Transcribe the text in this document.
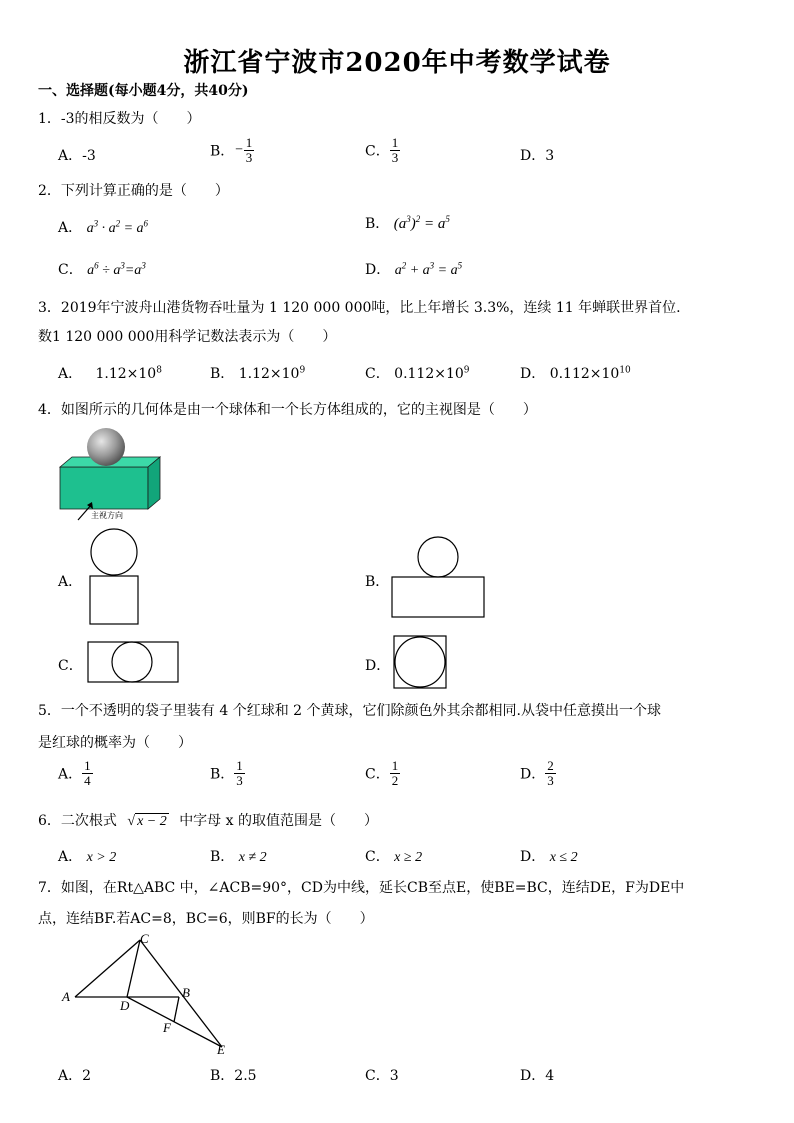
浙江省宁波市2020年中考数学试卷
一、选择题(每小题4分，共40分)
1．-3的相反数为（　　）
A．-3	B．− $\frac{1}{3}$	C． $\frac{1}{3}$	D．3
2．下列计算正确的是（　　）
A． $a^3 \cdot a^2 = a^6$	B． $(a^3)^2 = a^5$
C． $a^6 \div a^3=a^3$	D． $a^2 + a^3 = a^5$
3．2019年宁波舟山港货物吞吐量为 1 120 000 000吨，比上年增长 3.3%，连续 11 年蝉联世界首位.
数1 120 000 000用科学记数法表示为（　　）
A． $1.12\times 10^8$	B． $1.12\times 10^9$	C． $0.112\times 10^9$	D． $0.112\times 10^{10}$
4．如图所示的几何体是由一个球体和一个长方体组成的，它的主视图是（　　）
主视方向
A．	B．
C．	D．
5．一个不透明的袋子里装有 4 个红球和 2 个黄球，它们除颜色外其余都相同.从袋中任意摸出一个球
是红球的概率为（　　）
A． $\frac{1}{4}$	B． $\frac{1}{3}$	C． $\frac{1}{2}$	D． $\frac{2}{3}$
6．二次根式 √ x − 2 中字母 x 的取值范围是（　　）
A． x > 2	B． x ≠ 2	C． x ≥ 2	D． x ≤ 2
7．如图，在Rt△ABC 中，∠ACB=90°，CD为中线，延长CB至点E，使BE=BC，连结DE，F为DE中
点，连结BF.若AC=8，BC=6，则BF的长为（　　）
C
A
D
B
F
E
A．2	B．2.5	C．3	D．4
